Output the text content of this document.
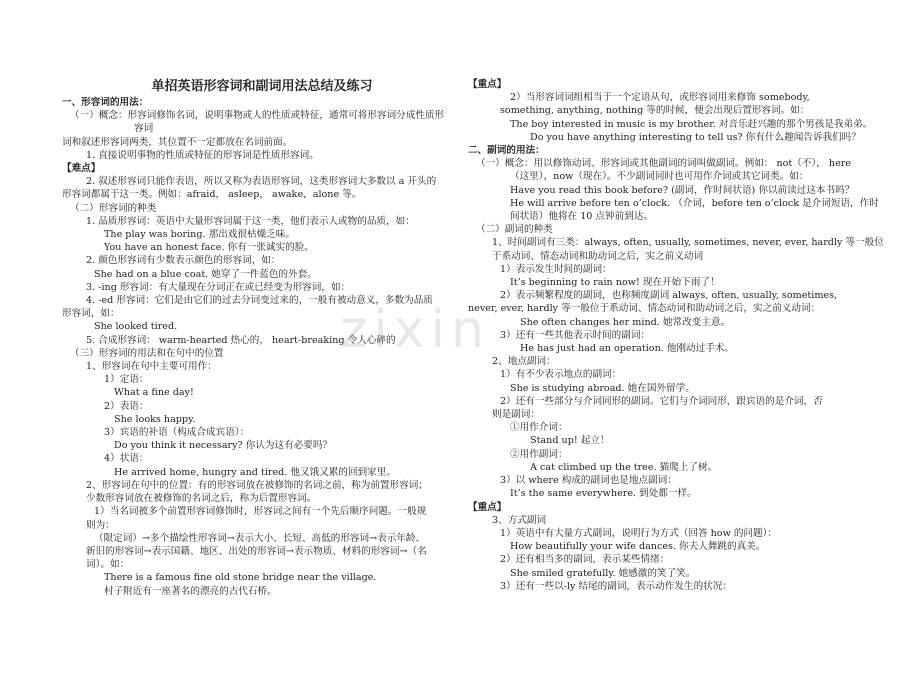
zixin

单招英语形容词和副词用法总结及练习

一、形容词的用法：

（一）概念：形容词修饰名词，说明事物或人的性质或特征，通常可将形容词分成性质形

容词

词和叙述形容词两类，其位置不一定都放在名词前面。

1. 直接说明事物的性质或特征的形容词是性质形容词。

【难点】

2. 叙述形容词只能作表语，所以又称为表语形容词，这类形容词大多数以 a 开头的

形容词都属于这一类。例如：afraid， asleep， awake，alone 等。

（二）形容词的种类

1. 品质形容词：英语中大量形容词属于这一类，他们表示人或物的品质，如：

The play was boring. 那出戏很枯燥乏味。

You have an honest face. 你有一张诚实的脸。

2. 颜色形容词有少数表示颜色的形容词，如：

She had on a blue coat. 她穿了一件蓝色的外套。

3. -ing 形容词：有大量现在分词正在或已经变为形容词，如：

4. -ed 形容词：它们是由它们的过去分词变过来的，一般有被动意义，多数为品质

形容词，如：

She looked tired.

5. 合成形容词： warm-hearted 热心的， heart-breaking 令人心碎的

（三）形容词的用法和在句中的位置

1、形容词在句中主要可用作：

1）定语：

What a fine day!

2）表语：

She looks happy.

3）宾语的补语（构成合成宾语）：

Do you think it necessary? 你认为这有必要吗？

4）状语：

He arrived home, hungry and tired. 他又饿又累的回到家里。

2、形容词在句中的位置：有的形容词放在被修饰的名词之前，称为前置形容词；

少数形容词放在被修饰的名词之后，称为后置形容词。

1）当名词被多个前置形容词修饰时，形容词之间有一个先后顺序问题。一般规

则为：

（限定词）→多个描绘性形容词→表示大小、长短、高低的形容词→表示年龄、

新旧的形容词→表示国籍、地区、出处的形容词→表示物质、材料的形容词→（名

词）。如：

There is a famous fine old stone bridge near the village.

村子附近有一座著名的漂亮的古代石桥。

【重点】

2）当形容词词组相当于一个定语从句，或形容词用来修饰 somebody,

something, anything, nothing 等的时候，便会出现后置形容词。如：

The boy interested in music is my brother. 对音乐赶兴趣的那个男孩是我弟弟。

Do you have anything interesting to tell us? 你有什么趣闻告诉我们吗？

二、副词的用法：

（一）概念：用以修饰动词、形容词或其他副词的词叫做副词。例如： not（不）， here

（这里），now（现在）。不少副词同时也可用作介词或其它词类。如：

Have you read this book before? (副词，作时间状语) 你以前读过这本书吗？

He will arrive before ten o’clock. （介词，before ten o’clock 是介词短语，作时

间状语）他将在 10 点钟前到达。

（二）副词的种类

1、时间副词有三类：always, often, usually, sometimes, never, ever, hardly 等一般位

于系动词、情态动词和助动词之后，实之前义动词

1）表示发生时间的副词：

It’s beginning to rain now! 现在开始下雨了！

2）表示频繁程度的副词，也称频度副词 always, often, usually, sometimes,

never, ever, hardly 等一般位于系动词、情态动词和助动词之后，实之前义动词：

She often changes her mind. 她常改变主意。

3）还有一些其他表示时间的副词：

He has just had an operation. 他刚动过手术。

2、地点副词：

1）有不少表示地点的副词：

She is studying abroad. 她在国外留学。

2）还有一些部分与介词同形的副词。它们与介词同形，跟宾语的是介词，否

则是副词：

①用作介词：

Stand up! 起立！

②用作副词：

A cat climbed up the tree. 猫爬上了树。

3）以 where 构成的副词也是地点副词：

It’s the same everywhere. 到处都一样。

【重点】

3、方式副词

1）英语中有大量方式副词，说明行为方式（回答 how 的问题）：

How beautifully your wife dances. 你夫人舞跳的真美。

2）还有相当多的副词，表示某些情绪：

She smiled gratefully. 她感激的笑了笑。

3）还有一些以-ly 结尾的副词，表示动作发生的状况：
